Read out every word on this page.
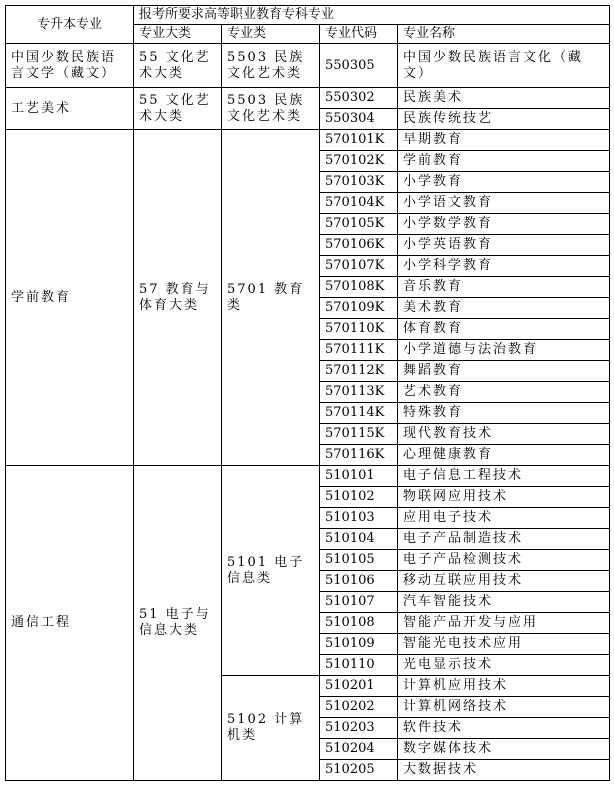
专升本专业	报考所要求高等职业教育专科专业			
	专业大类	专业类	专业代码	专业名称
中国少数民族语言文学（藏文）	55 文化艺术大类	5503 民族文化艺术类	550305	中国少数民族语言文化（藏文）
工艺美术	55 文化艺术大类	5503 民族文化艺术类	550302	民族美术
			550304	民族传统技艺
学前教育	57 教育与体育大类	5701 教育类	570101K	早期教育
			570102K	学前教育
			570103K	小学教育
			570104K	小学语文教育
			570105K	小学数学教育
			570106K	小学英语教育
			570107K	小学科学教育
			570108K	音乐教育
			570109K	美术教育
			570110K	体育教育
			570111K	小学道德与法治教育
			570112K	舞蹈教育
			570113K	艺术教育
			570114K	特殊教育
			570115K	现代教育技术
			570116K	心理健康教育
通信工程	51 电子与信息大类	5101 电子信息类	510101	电子信息工程技术
			510102	物联网应用技术
			510103	应用电子技术
			510104	电子产品制造技术
			510105	电子产品检测技术
			510106	移动互联应用技术
			510107	汽车智能技术
			510108	智能产品开发与应用
			510109	智能光电技术应用
			510110	光电显示技术
		5102 计算机类	510201	计算机应用技术
			510202	计算机网络技术
			510203	软件技术
			510204	数字媒体技术
			510205	大数据技术
